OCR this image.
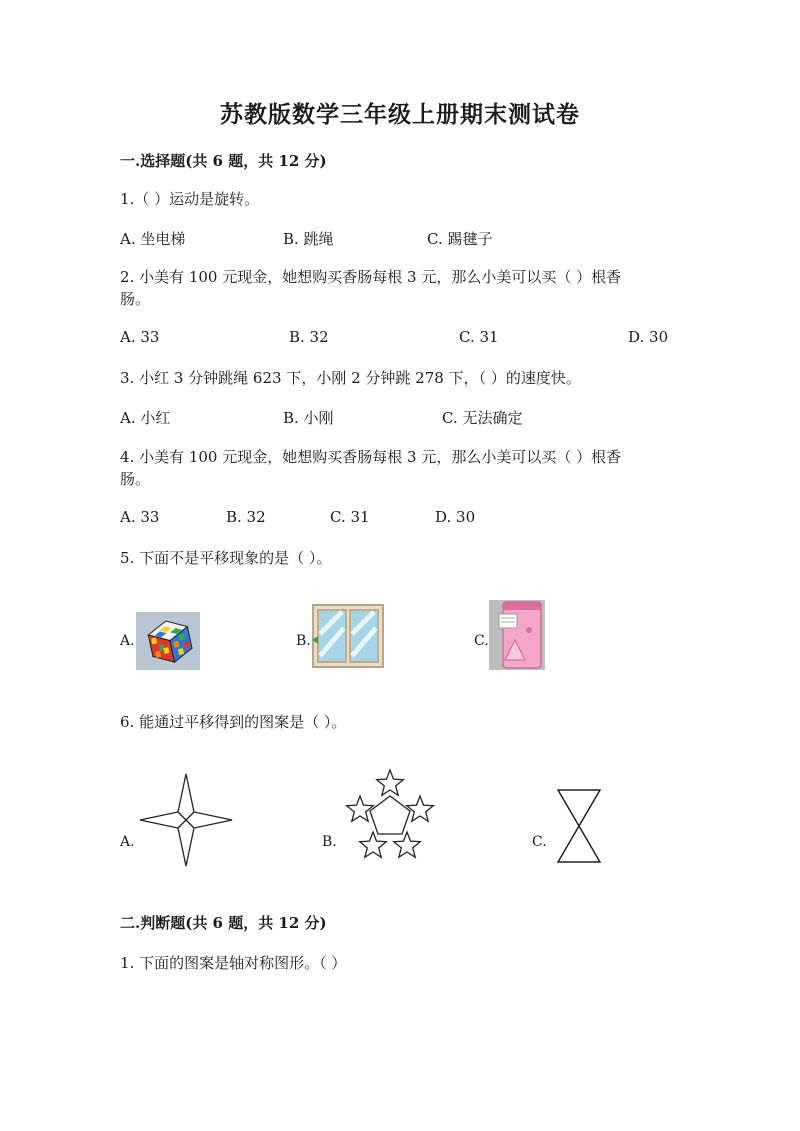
苏教版数学三年级上册期末测试卷
一.选择题(共 6 题，共 12 分)
1.（ ）运动是旋转。
A. 坐电梯	B. 跳绳	C. 踢毽子
2. 小美有 100 元现金，她想购买香肠每根 3 元，那么小美可以买（ ）根香
肠。
A. 33	B. 32	C. 31	D. 30
3. 小红 3 分钟跳绳 623 下，小刚 2 分钟跳 278 下，（ ）的速度快。
A. 小红	B. 小刚	C. 无法确定
4. 小美有 100 元现金，她想购买香肠每根 3 元，那么小美可以买（ ）根香
肠。
A. 33	B. 32	C. 31	D. 30
5. 下面不是平移现象的是（ ）。
A.	B.	C.
6. 能通过平移得到的图案是（ ）。
A.	B.	C.
二.判断题(共 6 题，共 12 分)
1. 下面的图案是轴对称图形。（ ）
